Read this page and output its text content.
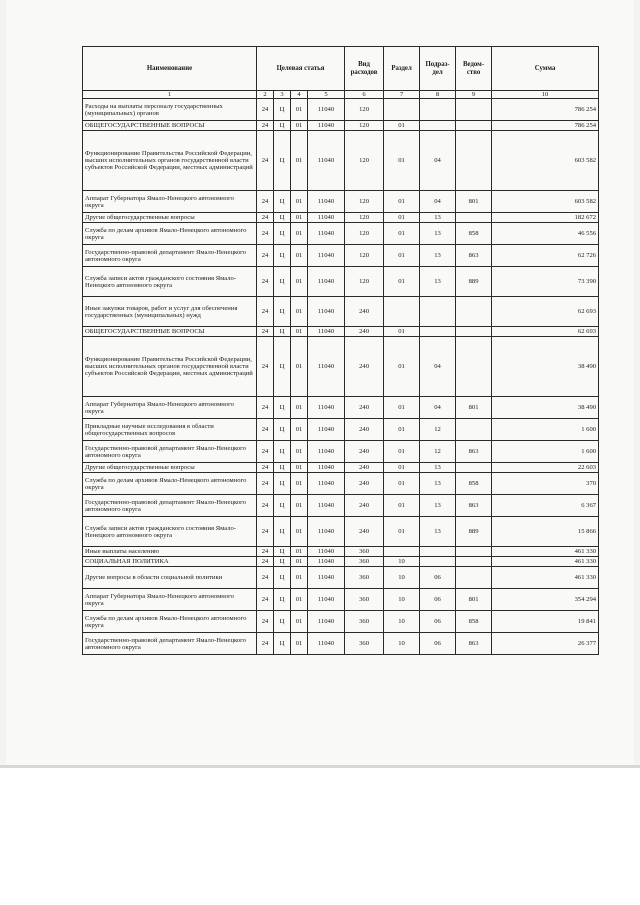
Наименование	Целевая статья				Вид расходов	Раздел	Подраз-дел	Ведом-ство	Сумма
1	2	3	4	5	6	7	8	9	10
Расходы на выплаты персоналу государственных (муниципальных) органов	24	Ц	01	11040	120				786 254
ОБЩЕГОСУДАРСТВЕННЫЕ ВОПРОСЫ	24	Ц	01	11040	120	01			786 254
Функционирование Правительства Российской Федерации, высших исполнительных органов государственной власти субъектов Российской Федерации, местных администраций	24	Ц	01	11040	120	01	04		603 582
Аппарат Губернатора Ямало-Ненецкого автономного округа	24	Ц	01	11040	120	01	04	801	603 582
Другие общегосударственные вопросы	24	Ц	01	11040	120	01	13		182 672
Служба по делам архивов Ямало-Ненецкого автономного округа	24	Ц	01	11040	120	01	13	858	46 556
Государственно-правовой департамент Ямало-Ненецкого автономного округа	24	Ц	01	11040	120	01	13	863	62 726
Служба записи актов гражданского состояния Ямало-Ненецкого автономного округа	24	Ц	01	11040	120	01	13	889	73 390
Иные закупки товаров, работ и услуг для обеспечения государственных (муниципальных) нужд	24	Ц	01	11040	240				62 693
ОБЩЕГОСУДАРСТВЕННЫЕ ВОПРОСЫ	24	Ц	01	11040	240	01			62 693
Функционирование Правительства Российской Федерации, высших исполнительных органов государственной власти субъектов Российской Федерации, местных администраций	24	Ц	01	11040	240	01	04		38 490
Аппарат Губернатора Ямало-Ненецкого автономного округа	24	Ц	01	11040	240	01	04	801	38 490
Прикладные научные исследования в области общегосударственных вопросов	24	Ц	01	11040	240	01	12		1 600
Государственно-правовой департамент Ямало-Ненецкого автономного округа	24	Ц	01	11040	240	01	12	863	1 600
Другие общегосударственные вопросы	24	Ц	01	11040	240	01	13		22 603
Служба по делам архивов Ямало-Ненецкого автономного округа	24	Ц	01	11040	240	01	13	858	370
Государственно-правовой департамент Ямало-Ненецкого автономного округа	24	Ц	01	11040	240	01	13	863	6 367
Служба записи актов гражданского состояния Ямало-Ненецкого автономного округа	24	Ц	01	11040	240	01	13	889	15 866
Иные выплаты населению	24	Ц	01	11040	360				461 330
СОЦИАЛЬНАЯ ПОЛИТИКА	24	Ц	01	11040	360	10			461 330
Другие вопросы в области социальной политики	24	Ц	01	11040	360	10	06		461 330
Аппарат Губернатора Ямало-Ненецкого автономного округа	24	Ц	01	11040	360	10	06	801	354 294
Служба по делам архивов Ямало-Ненецкого автономного округа	24	Ц	01	11040	360	10	06	858	19 841
Государственно-правовой департамент Ямало-Ненецкого автономного округа	24	Ц	01	11040	360	10	06	863	26 377
